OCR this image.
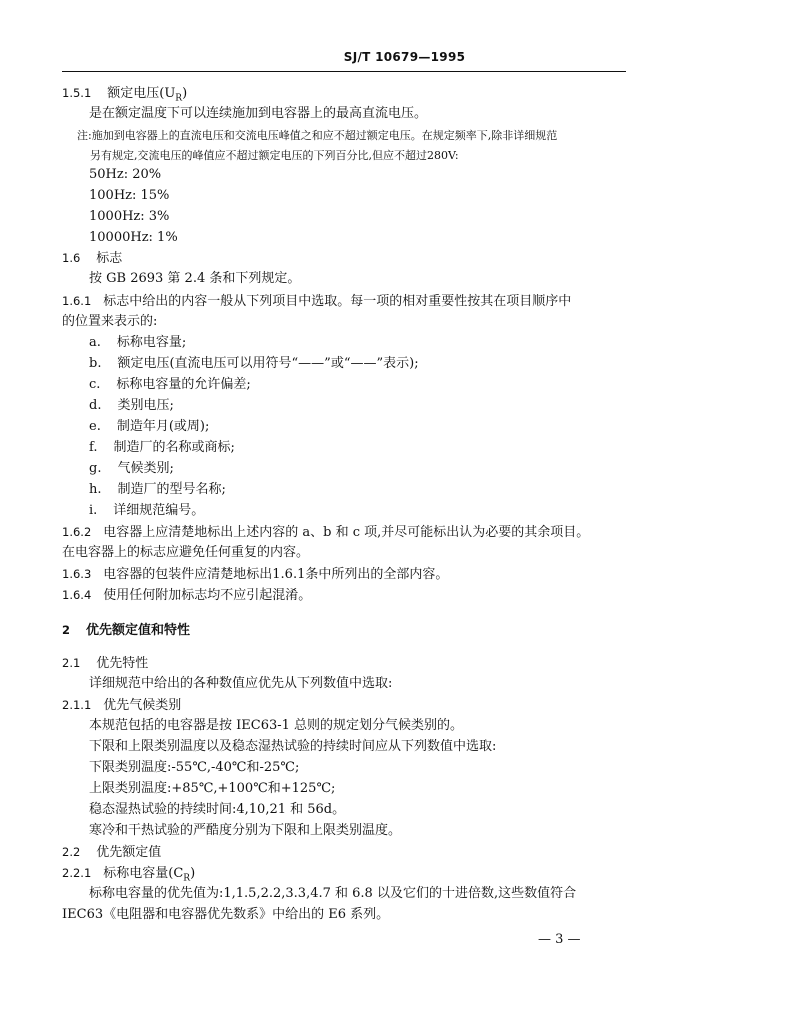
SJ/T 10679—1995
1.5.1 额定电压$(U_R)$
是在额定温度下可以连续施加到电容器上的最高直流电压。
注:施加到电容器上的直流电压和交流电压峰值之和应不超过额定电压。在规定频率下,除非详细规范
另有规定,交流电压的峰值应不超过额定电压的下列百分比,但应不超过280V:
50Hz: 20%
100Hz: 15%
1000Hz: 3%
10000Hz: 1%
1.6 标志
按 GB 2693 第 2.4 条和下列规定。
1.6.1 标志中给出的内容一般从下列项目中选取。每一项的相对重要性按其在项目顺序中
的位置来表示的:
a. 标称电容量;
b. 额定电压(直流电压可以用符号“——”或“——”表示);
c. 标称电容量的允许偏差;
d. 类别电压;
e. 制造年月(或周);
f. 制造厂的名称或商标;
g. 气候类别;
h. 制造厂的型号名称;
i. 详细规范编号。
1.6.2 电容器上应清楚地标出上述内容的 a、b 和 c 项,并尽可能标出认为必要的其余项目。
在电容器上的标志应避免任何重复的内容。
1.6.3 电容器的包装件应清楚地标出1.6.1条中所列出的全部内容。
1.6.4 使用任何附加标志均不应引起混淆。
2 优先额定值和特性
2.1 优先特性
详细规范中给出的各种数值应优先从下列数值中选取:
2.1.1 优先气候类别
本规范包括的电容器是按 IEC63-1 总则的规定划分气候类别的。
下限和上限类别温度以及稳态湿热试验的持续时间应从下列数值中选取:
下限类别温度:-55℃,-40℃和-25℃;
上限类别温度:+85℃,+100℃和+125℃;
稳态湿热试验的持续时间:4,10,21 和 56d。
寒冷和干热试验的严酷度分别为下限和上限类别温度。
2.2 优先额定值
2.2.1 标称电容量$(C_R)$
标称电容量的优先值为:1,1.5,2.2,3.3,4.7 和 6.8 以及它们的十进倍数,这些数值符合
IEC63《电阻器和电容器优先数系》中给出的 E6 系列。
— 3 —
